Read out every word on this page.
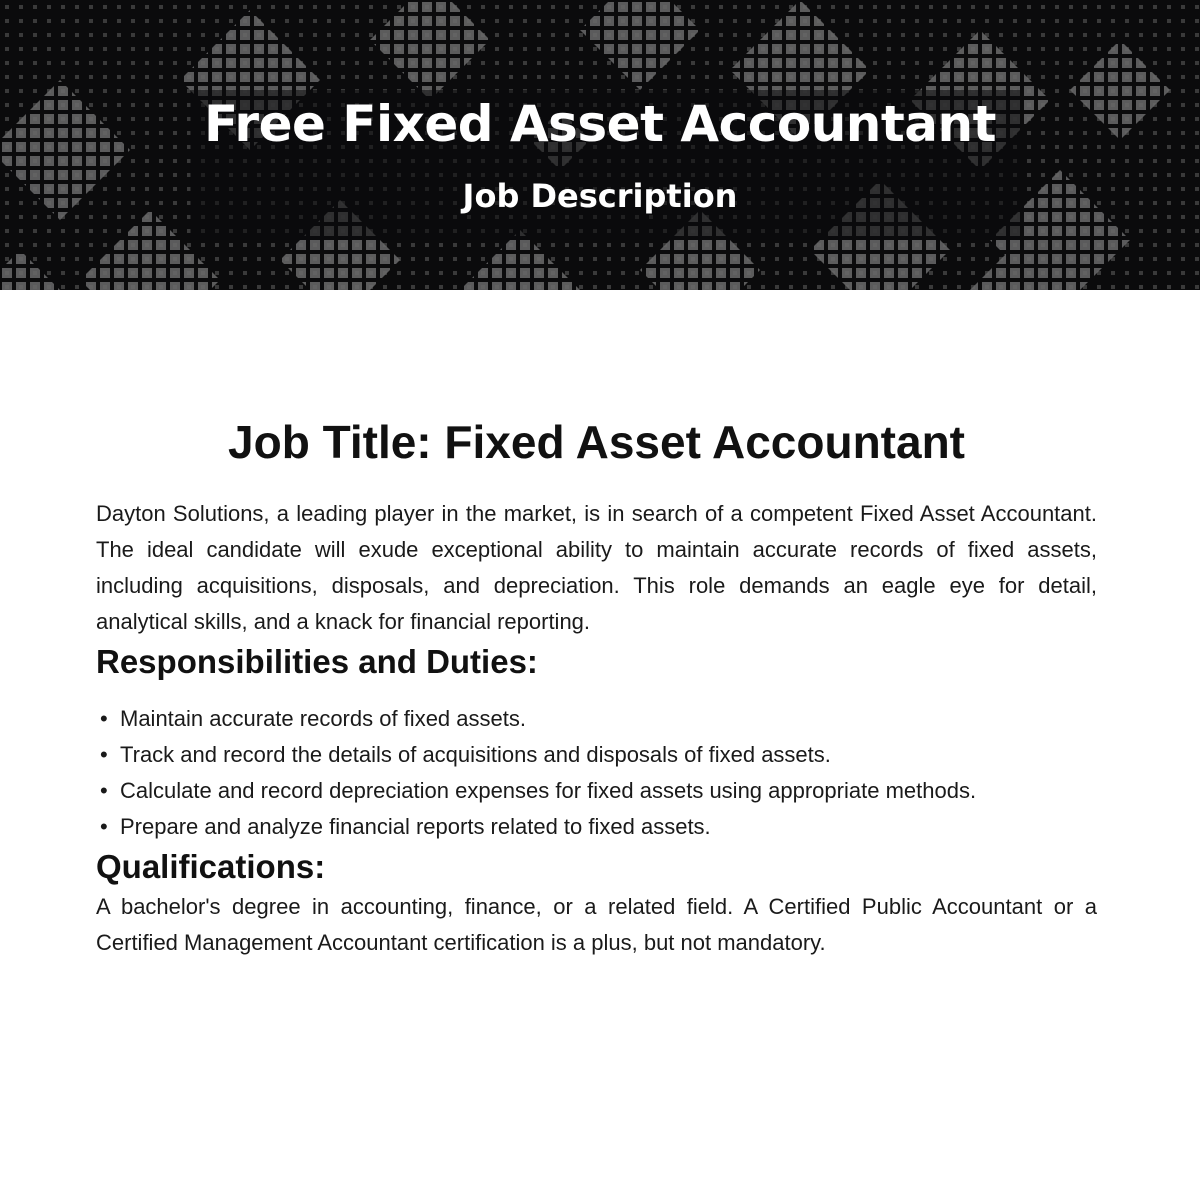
Free Fixed Asset Accountant
Job Description
Job Title: Fixed Asset Accountant

Dayton Solutions, a leading player in the market, is in search of a competent Fixed Asset Accountant. The ideal candidate will exude exceptional ability to maintain accurate records of fixed assets, including acquisitions, disposals, and depreciation. This role demands an eagle eye for detail, analytical skills, and a knack for financial reporting.

Responsibilities and Duties:
• Maintain accurate records of fixed assets.
• Track and record the details of acquisitions and disposals of fixed assets.
• Calculate and record depreciation expenses for fixed assets using appropriate methods.
• Prepare and analyze financial reports related to fixed assets.
Qualifications:

A bachelor's degree in accounting, finance, or a related field. A Certified Public Accountant or a Certified Management Accountant certification is a plus, but not mandatory.
